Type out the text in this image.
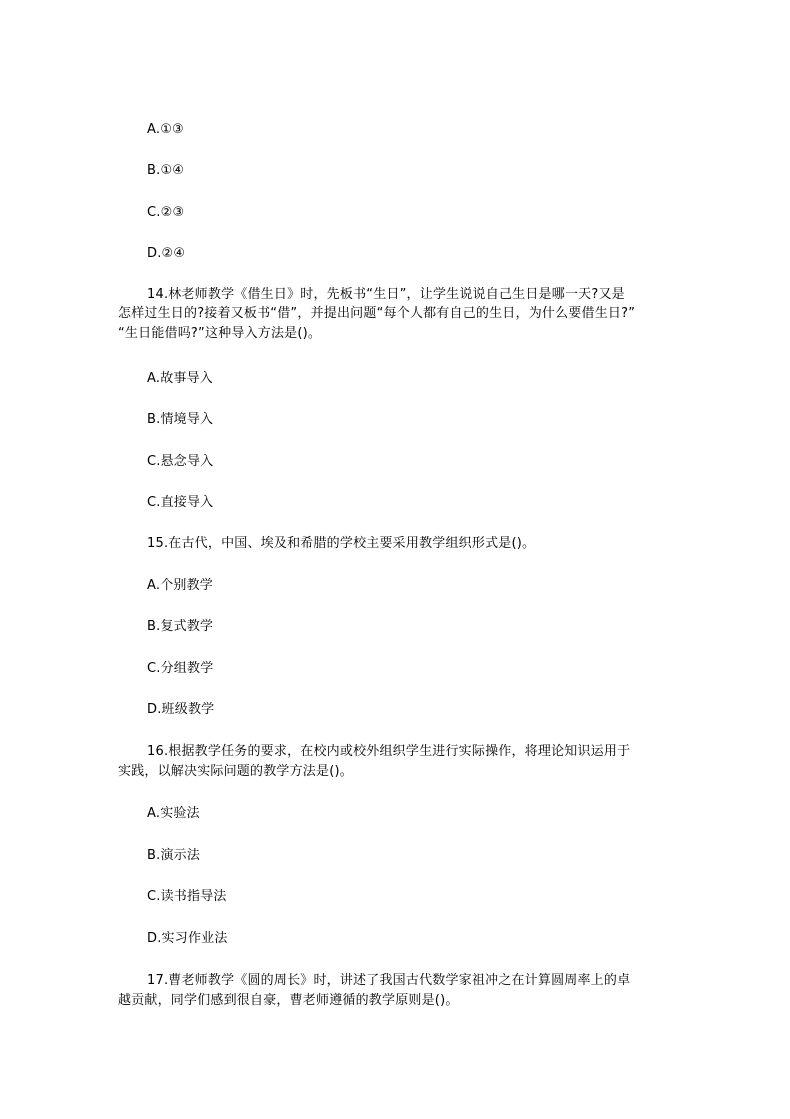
A.①③
B.①④
C.②③
D.②④
14.林老师教学《借生日》时，先板书“生日”，让学生说说自己生日是哪一天?又是
怎样过生日的?接着又板书“借”，并提出问题“每个人都有自己的生日，为什么要借生日?”
“生日能借吗?”这种导入方法是()。
A.故事导入
B.情境导入
C.悬念导入
C.直接导入
15.在古代，中国、埃及和希腊的学校主要采用教学组织形式是()。
A.个别教学
B.复式教学
C.分组教学
D.班级教学
16.根据教学任务的要求，在校内或校外组织学生进行实际操作，将理论知识运用于
实践，以解决实际问题的教学方法是()。
A.实验法
B.演示法
C.读书指导法
D.实习作业法
17.曹老师教学《圆的周长》时，讲述了我国古代数学家祖冲之在计算圆周率上的卓
越贡献，同学们感到很自豪，曹老师遵循的教学原则是()。
